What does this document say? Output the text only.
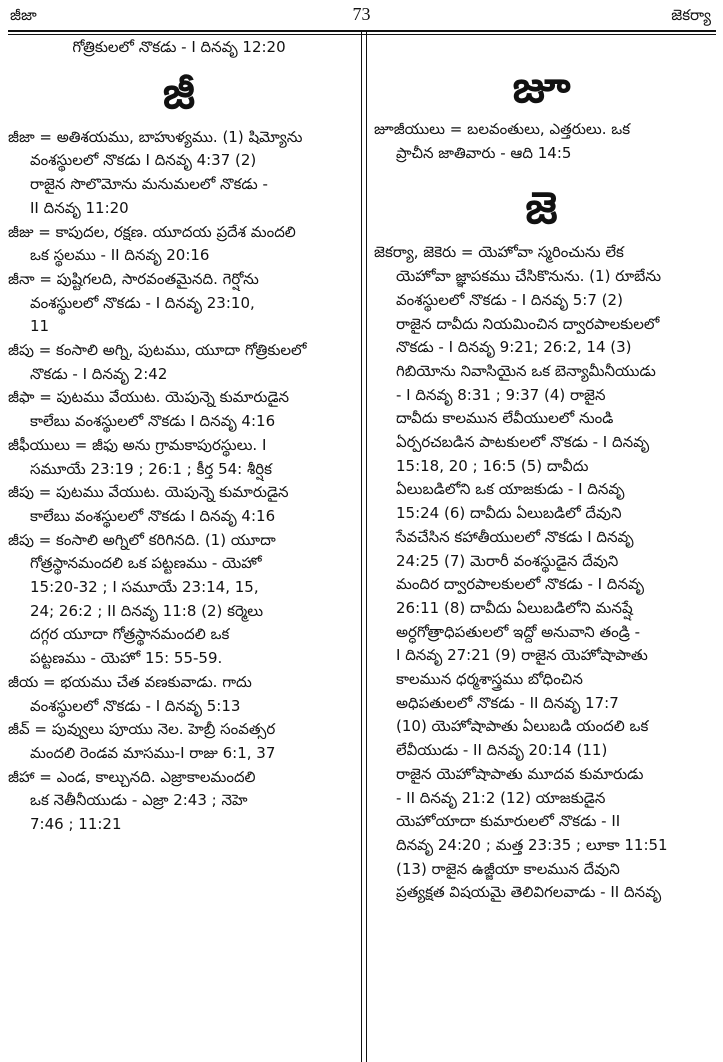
జీజా	73	జెకర్యా
గోత్రికులలో నొకడు - I దినవృ 12:20
జీ
జీజా = అతిశయము, బాహుళ్యము. (1) షిమ్యోను
వంశస్థులలో నొకడు I దినవృ 4:37 (2)
రాజైన సొలొమోను మనుమలలో నొకడు -
II దినవృ 11:20
జీజు = కాపుదల, రక్షణ. యూదయ ప్రదేశ మందలి
ఒక స్థలము - II దినవృ 20:16
జీనా = పుష్టిగలది, సారవంతమైనది. గెర్షోను
వంశస్థులలో నొకడు - I దినవృ 23:10,
11
జీపు = కంసాలి అగ్ని, పుటము, యూదా గోత్రికులలో
నొకడు - I దినవృ 2:42
జీఫా = పుటము వేయుట. యెపున్నె కుమారుడైన
కాలేబు వంశస్థులలో నొకడు I దినవృ 4:16
జీఫీయులు = జీఫు అను గ్రామకాపురస్థులు. I
సమూయే 23:19 ; 26:1 ; కీర్త 54: శీర్షిక
జీపు = పుటము వేయుట. యెపున్నె కుమారుడైన
కాలేబు వంశస్థులలో నొకడు I దినవృ 4:16
జీపు = కంసాలి అగ్నిలో కరిగినది. (1) యూదా
గోత్రస్థానమందలి ఒక పట్టణము - యెహో
15:20-32 ; I సమూయే 23:14, 15,
24; 26:2 ; II దినవృ 11:8 (2) కర్మెలు
దగ్గర యూదా గోత్రస్థానమందలి ఒక
పట్టణము - యెహో 15: 55-59.
జీయ = భయము చేత వణకువాడు. గాదు
వంశస్థులలో నొకడు - I దినవృ 5:13
జీవ్ = పువ్వులు పూయు నెల. హెబ్రీ సంవత్సర
మందలి రెండవ మాసము-I రాజు 6:1, 37
జీహా = ఎండ, కాల్చునది. ఎజ్రాకాలమందలి
ఒక నెతీనీయుడు - ఎజ్రా 2:43 ; నెహె
7:46 ; 11:21
జూ
జూజీయులు = బలవంతులు, ఎత్తరులు. ఒక
ప్రాచీన జాతివారు - ఆది 14:5
జె
జెకర్యా, జెకెరు = యెహోవా స్మరించును లేక
యెహోవా జ్ఞాపకము చేసికొనును. (1) రూబేను
వంశస్థులలో నొకడు - I దినవృ 5:7 (2)
రాజైన దావీదు నియమించిన ద్వారపాలకులలో
నొకడు - I దినవృ 9:21; 26:2, 14 (3)
గిబియోను నివాసియైన ఒక బెన్యామీనీయుడు
- I దినవృ 8:31 ; 9:37 (4) రాజైన
దావీదు కాలమున లేవీయులలో నుండి
ఏర్పరచబడిన పాటకులలో నొకడు - I దినవృ
15:18, 20 ; 16:5 (5) దావీదు
ఏలుబడిలోని ఒక యాజకుడు - I దినవృ
15:24 (6) దావీదు ఏలుబడిలో దేవుని
సేవచేసిన కహాతీయులలో నొకడు I దినవృ
24:25 (7) మెరారీ వంశస్థుడైన దేవుని
మందిర ద్వారపాలకులలో నొకడు - I దినవృ
26:11 (8) దావీదు ఏలుబడిలోని మనష్షే
అర్ధగోత్రాధిపతులలో ఇద్దో అనువాని తండ్రి -
I దినవృ 27:21 (9) రాజైన యెహోషాపాతు
కాలమున ధర్మశాస్త్రము బోధించిన
అధిపతులలో నొకడు - II దినవృ 17:7
(10) యెహోషాపాతు ఏలుబడి యందలి ఒక
లేవీయుడు - II దినవృ 20:14 (11)
రాజైన యెహోషాపాతు మూదవ కుమారుడు
- II దినవృ 21:2 (12) యాజకుడైన
యెహోయాదా కుమారులలో నొకడు - II
దినవృ 24:20 ; మత్త 23:35 ; లూకా 11:51
(13) రాజైన ఉజ్జీయా కాలమున దేవుని
ప్రత్యక్షత విషయమై తెలివిగలవాడు - II దినవృ
